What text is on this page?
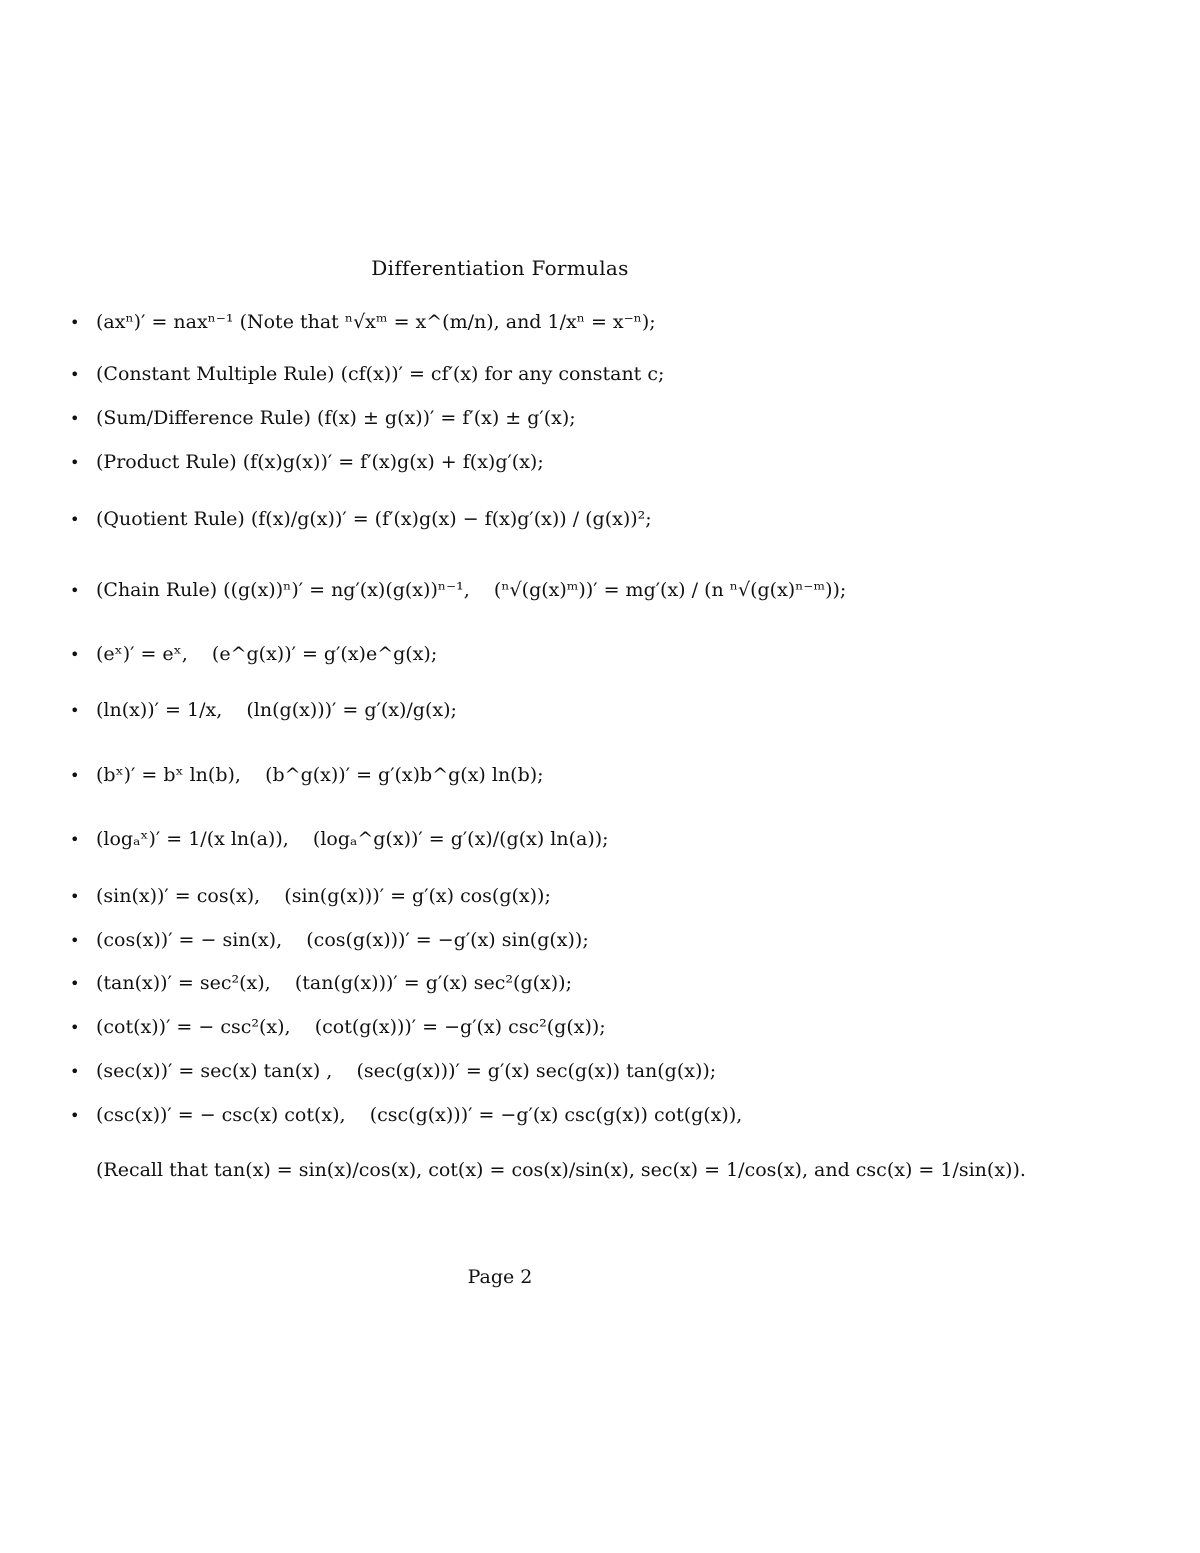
Differentiation Formulas
• (axⁿ)′ = naxⁿ⁻¹ (Note that ⁿ√xᵐ = x^(m/n), and 1/xⁿ = x⁻ⁿ);
• (Constant Multiple Rule) (cf(x))′ = cf′(x) for any constant c;
• (Sum/Difference Rule) (f(x) ± g(x))′ = f′(x) ± g′(x);
• (Product Rule) (f(x)g(x))′ = f′(x)g(x) + f(x)g′(x);
• (Quotient Rule) (f(x)/g(x))′ = (f′(x)g(x) − f(x)g′(x)) / (g(x))²;
• (Chain Rule) ((g(x))ⁿ)′ = ng′(x)(g(x))ⁿ⁻¹,    (ⁿ√(g(x)ᵐ))′ = mg′(x) / (n ⁿ√(g(x)ⁿ⁻ᵐ));
• (eˣ)′ = eˣ,    (e^g(x))′ = g′(x)e^g(x);
• (ln(x))′ = 1/x,    (ln(g(x)))′ = g′(x)/g(x);
• (bˣ)′ = bˣ ln(b),    (b^g(x))′ = g′(x)b^g(x) ln(b);
• (logₐˣ)′ = 1/(x ln(a)),    (logₐ^g(x))′ = g′(x)/(g(x) ln(a));
• (sin(x))′ = cos(x),    (sin(g(x)))′ = g′(x) cos(g(x));
• (cos(x))′ = − sin(x),    (cos(g(x)))′ = −g′(x) sin(g(x));
• (tan(x))′ = sec²(x),    (tan(g(x)))′ = g′(x) sec²(g(x));
• (cot(x))′ = − csc²(x),    (cot(g(x)))′ = −g′(x) csc²(g(x));
• (sec(x))′ = sec(x) tan(x) ,    (sec(g(x)))′ = g′(x) sec(g(x)) tan(g(x));
• (csc(x))′ = − csc(x) cot(x),    (csc(g(x)))′ = −g′(x) csc(g(x)) cot(g(x)),
(Recall that tan(x) = sin(x)/cos(x), cot(x) = cos(x)/sin(x), sec(x) = 1/cos(x), and csc(x) = 1/sin(x)).
Page 2
